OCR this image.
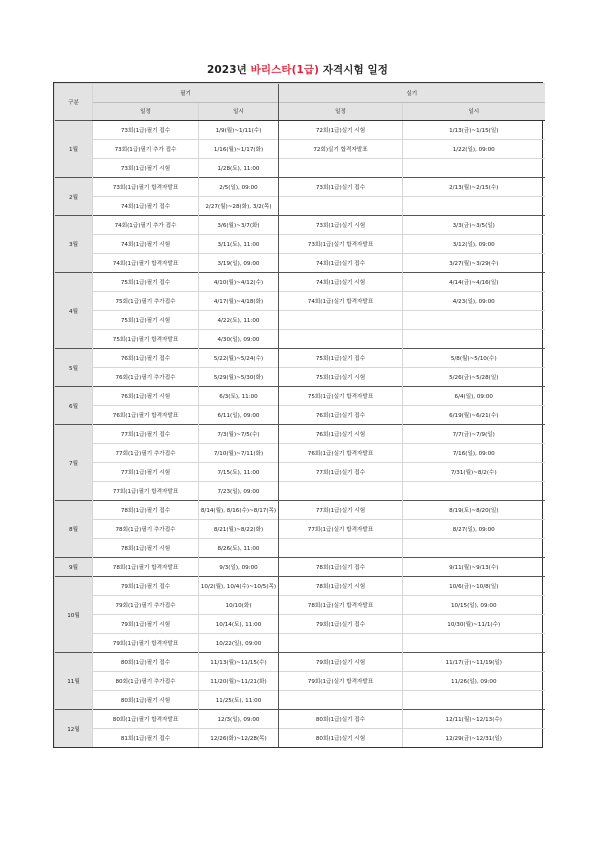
2023년 바리스타(1급) 자격시험 일정
구분	필기		실기	
	일정	일시	일정	일시
1월	73회(1급)필기 접수	1/9(월)~1/11(수)	72회(1급)실기 시험	1/13(금)~1/15(일)
	73회(1급)필기 추가 접수	1/16(월)~1/17(화)	72회)실기 합격자발표	1/22(일), 09:00
	73회(1급)필기 시험	1/28(토), 11:00		
2월	73회(1급)필기 합격자발표	2/5(일), 09:00	73회(1급)실기 접수	2/13(월)~2/15(수)
	74회(1급)필기 접수	2/27(월)~28(화), 3/2(목)		
3월	74회(1급)필기 추가 접수	3/6(월)~3/7(화)	73회(1급)실기 시험	3/3(금)~3/5(일)
	74회(1급)필기 시험	3/11(토), 11:00	73회(1급)실기 합격자발표	3/12(일), 09:00
	74회(1급)필기 합격자발표	3/19(일), 09:00	74회(1급)실기 접수	3/27(월)~3/29(수)
4월	75회(1급)필기 접수	4/10(월)~4/12(수)	74회(1급)실기 시험	4/14(금)~4/16(일)
	75회(1급)필기 추가접수	4/17(월)~4/18(화)	74회(1급)실기 합격자발표	4/23(일), 09:00
	75회(1급)필기 시험	4/22(토), 11:00		
	75회(1급)필기 합격자발표	4/30(일), 09:00		
5월	76회(1급)필기 접수	5/22(월)~5/24(수)	75회(1급)실기 접수	5/8(월)~5/10(수)
	76회(1급)필기 추가접수	5/29(월)~5/30(화)	75회(1급)실기 시험	5/26(금)~5/28(일)
6월	76회(1급)필기 시험	6/3(토), 11:00	75회(1급)실기 합격자발표	6/4(일), 09:00
	76회(1급)필기 합격자발표	6/11(일), 09:00	76회(1급)실기 접수	6/19(월)~6/21(수)
7월	77회(1급)필기 접수	7/3(월)~7/5(수)	76회(1급)실기 시험	7/7(금)~7/9(일)
	77회(1급)필기 추가접수	7/10(월)~7/11(화)	76회(1급)실기 합격자발표	7/16(일), 09:00
	77회(1급)필기 시험	7/15(토), 11:00	77회(1급)실기 접수	7/31(월)~8/2(수)
	77회(1급)필기 합격자발표	7/23(일), 09:00		
8월	78회(1급)필기 접수	8/14(월), 8/16(수)~8/17(목)	77회(1급)실기 시험	8/19(토)~8/20(일)
	78회(1급)필기 추가접수	8/21(월)~8/22(화)	77회(1급)실기 합격자발표	8/27(일), 09:00
	78회(1급)필기 시험	8/26(토), 11:00		
9월	78회(1급)필기 합격자발표	9/3(일), 09:00	78회(1급)실기 접수	9/11(월)~9/13(수)
10월	79회(1급)필기 접수	10/2(월), 10/4(수)~10/5(목)	78회(1급)실기 시험	10/6(금)~10/8(일)
	79회(1급)필기 추가접수	10/10(화)	78회(1급)실기 합격자발표	10/15(일), 09:00
	79회(1급)필기 시험	10/14(토), 11:00	79회(1급)실기 접수	10/30(월)~11/1(수)
	79회(1급)필기 합격자발표	10/22(일), 09:00		
11월	80회(1급)필기 접수	11/13(월)~11/15(수)	79회(1급)실기 시험	11/17(금)~11/19(일)
	80회(1급)필기 추가접수	11/20(월)~11/21(화)	79회(1급)실기 합격자발표	11/26(일), 09:00
	80회(1급)필기 시험	11/25(토), 11:00		
12월	80회(1급)필기 합격자발표	12/3(일), 09:00	80회(1급)실기 접수	12/11(월)~12/13(수)
	81회(1급)필기 접수	12/26(화)~12/28(목)	80회(1급)실기 시험	12/29(금)~12/31(일)
